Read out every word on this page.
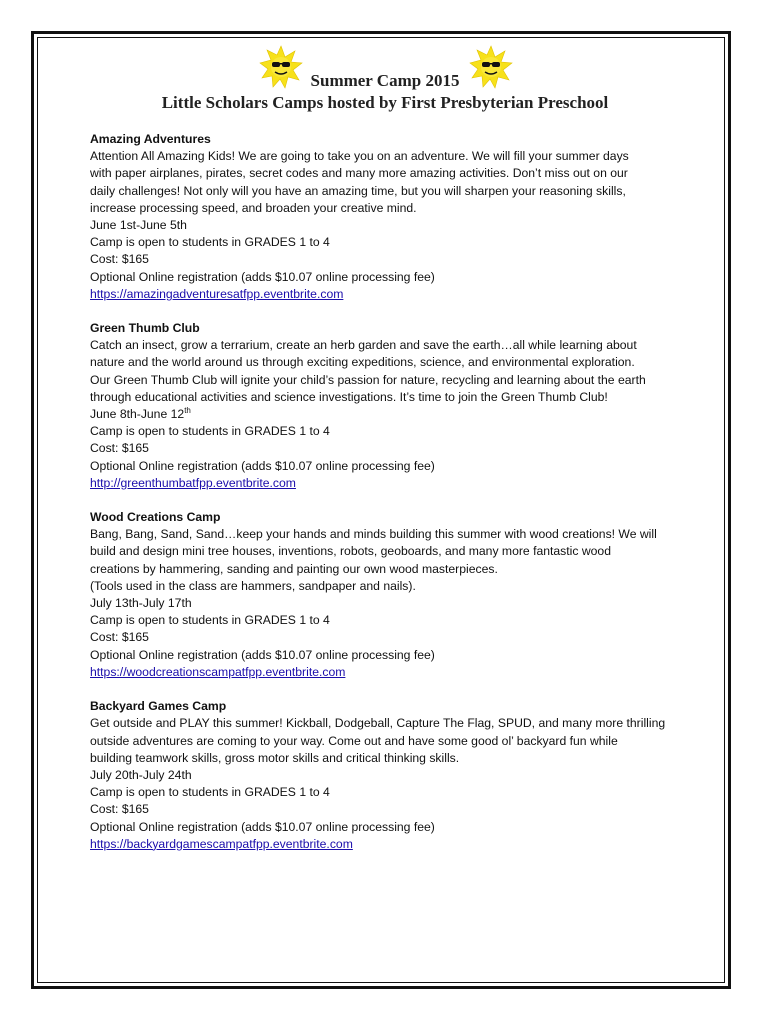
Summer Camp 2015
Little Scholars Camps hosted by First Presbyterian Preschool
Amazing Adventures
Attention All Amazing Kids! We are going to take you on an adventure. We will fill your summer days
with paper airplanes, pirates, secret codes and many more amazing activities. Don’t miss out on our
daily challenges! Not only will you have an amazing time, but you will sharpen your reasoning skills,
increase processing speed, and broaden your creative mind.
June 1st-June 5th
Camp is open to students in GRADES 1 to 4
Cost: $165
Optional Online registration (adds $10.07 online processing fee)
https://amazingadventuresatfpp.eventbrite.com
Green Thumb Club
Catch an insect, grow a terrarium, create an herb garden and save the earth…all while learning about
nature and the world around us through exciting expeditions, science, and environmental exploration.
Our Green Thumb Club will ignite your child’s passion for nature, recycling and learning about the earth
through educational activities and science investigations. It’s time to join the Green Thumb Club!
June 8th-June 12th
Camp is open to students in GRADES 1 to 4
Cost: $165
Optional Online registration (adds $10.07 online processing fee)
http://greenthumbatfpp.eventbrite.com
Wood Creations Camp
Bang, Bang, Sand, Sand…keep your hands and minds building this summer with wood creations! We will
build and design mini tree houses, inventions, robots, geoboards, and many more fantastic wood
creations by hammering, sanding and painting our own wood masterpieces.
(Tools used in the class are hammers, sandpaper and nails).
July 13th-July 17th
Camp is open to students in GRADES 1 to 4
Cost: $165
Optional Online registration (adds $10.07 online processing fee)
https://woodcreationscampatfpp.eventbrite.com
Backyard Games Camp
Get outside and PLAY this summer! Kickball, Dodgeball, Capture The Flag, SPUD, and many more thrilling
outside adventures are coming to your way. Come out and have some good ol’ backyard fun while
building teamwork skills, gross motor skills and critical thinking skills.
July 20th-July 24th
Camp is open to students in GRADES 1 to 4
Cost: $165
Optional Online registration (adds $10.07 online processing fee)
https://backyardgamescampatfpp.eventbrite.com
